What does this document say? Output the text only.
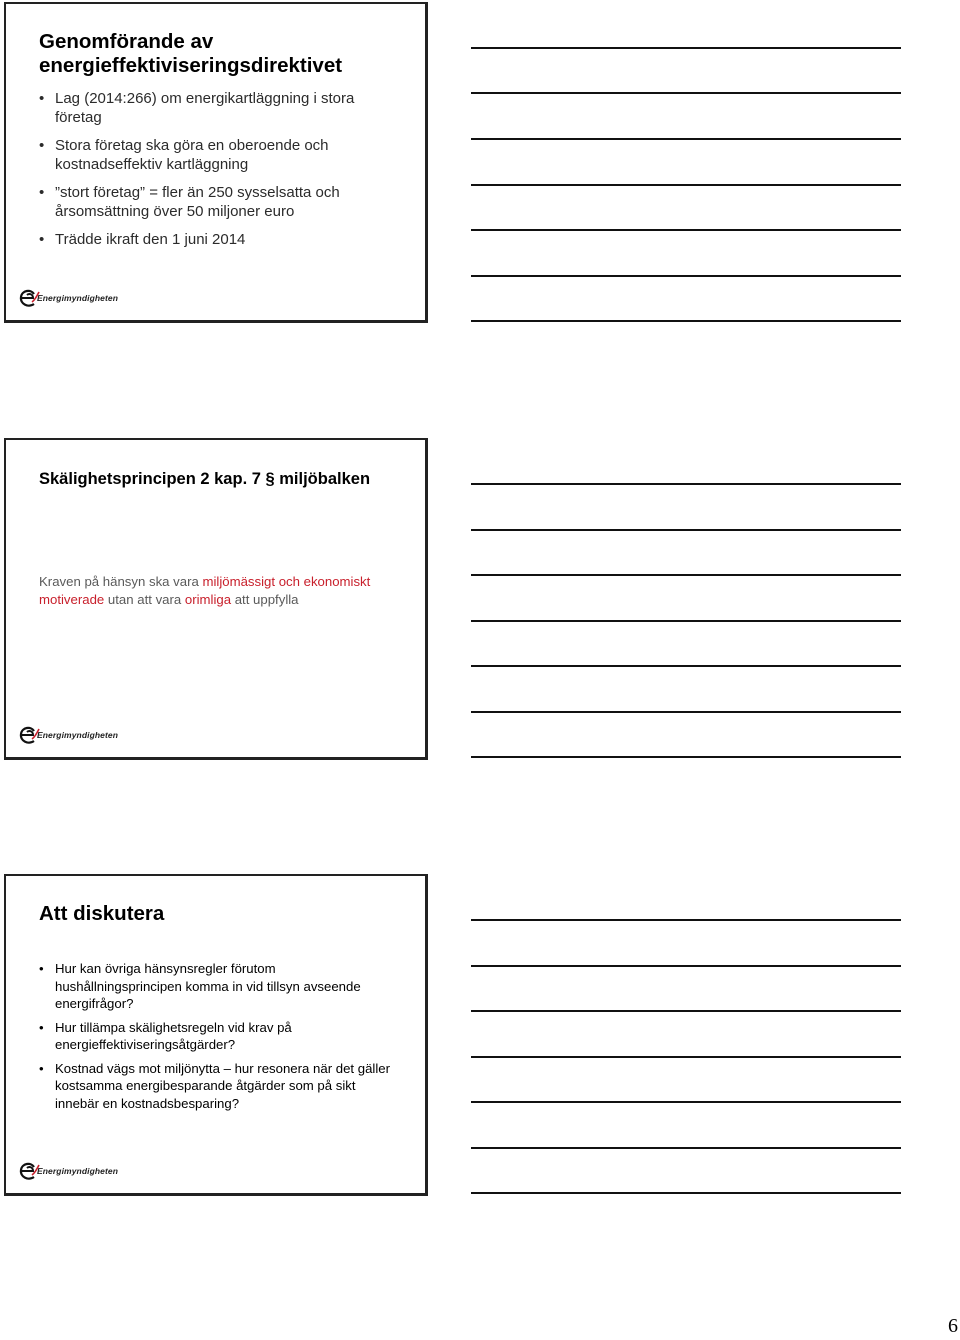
Genomförande av energieffektiviseringsdirektivet
• Lag (2014:266) om energikartläggning i stora företag
• Stora företag ska göra en oberoende och kostnadseffektiv kartläggning
• ”stort företag” = fler än 250 sysselsatta och årsomsättning över 50 miljoner euro
• Trädde ikraft den 1 juni 2014
Energimyndigheten
Skälighetsprincipen 2 kap. 7 § miljöbalken
Kraven på hänsyn ska vara miljömässigt och ekonomiskt motiverade utan att vara orimliga att uppfylla
Energimyndigheten
Att diskutera
• Hur kan övriga hänsynsregler förutom hushållningsprincipen komma in vid tillsyn avseende energifrågor?
• Hur tillämpa skälighetsregeln vid krav på energieffektiviseringsåtgärder?
• Kostnad vägs mot miljönytta – hur resonera när det gäller kostsamma energibesparande åtgärder som på sikt innebär en kostnadsbesparing?
Energimyndigheten
6
